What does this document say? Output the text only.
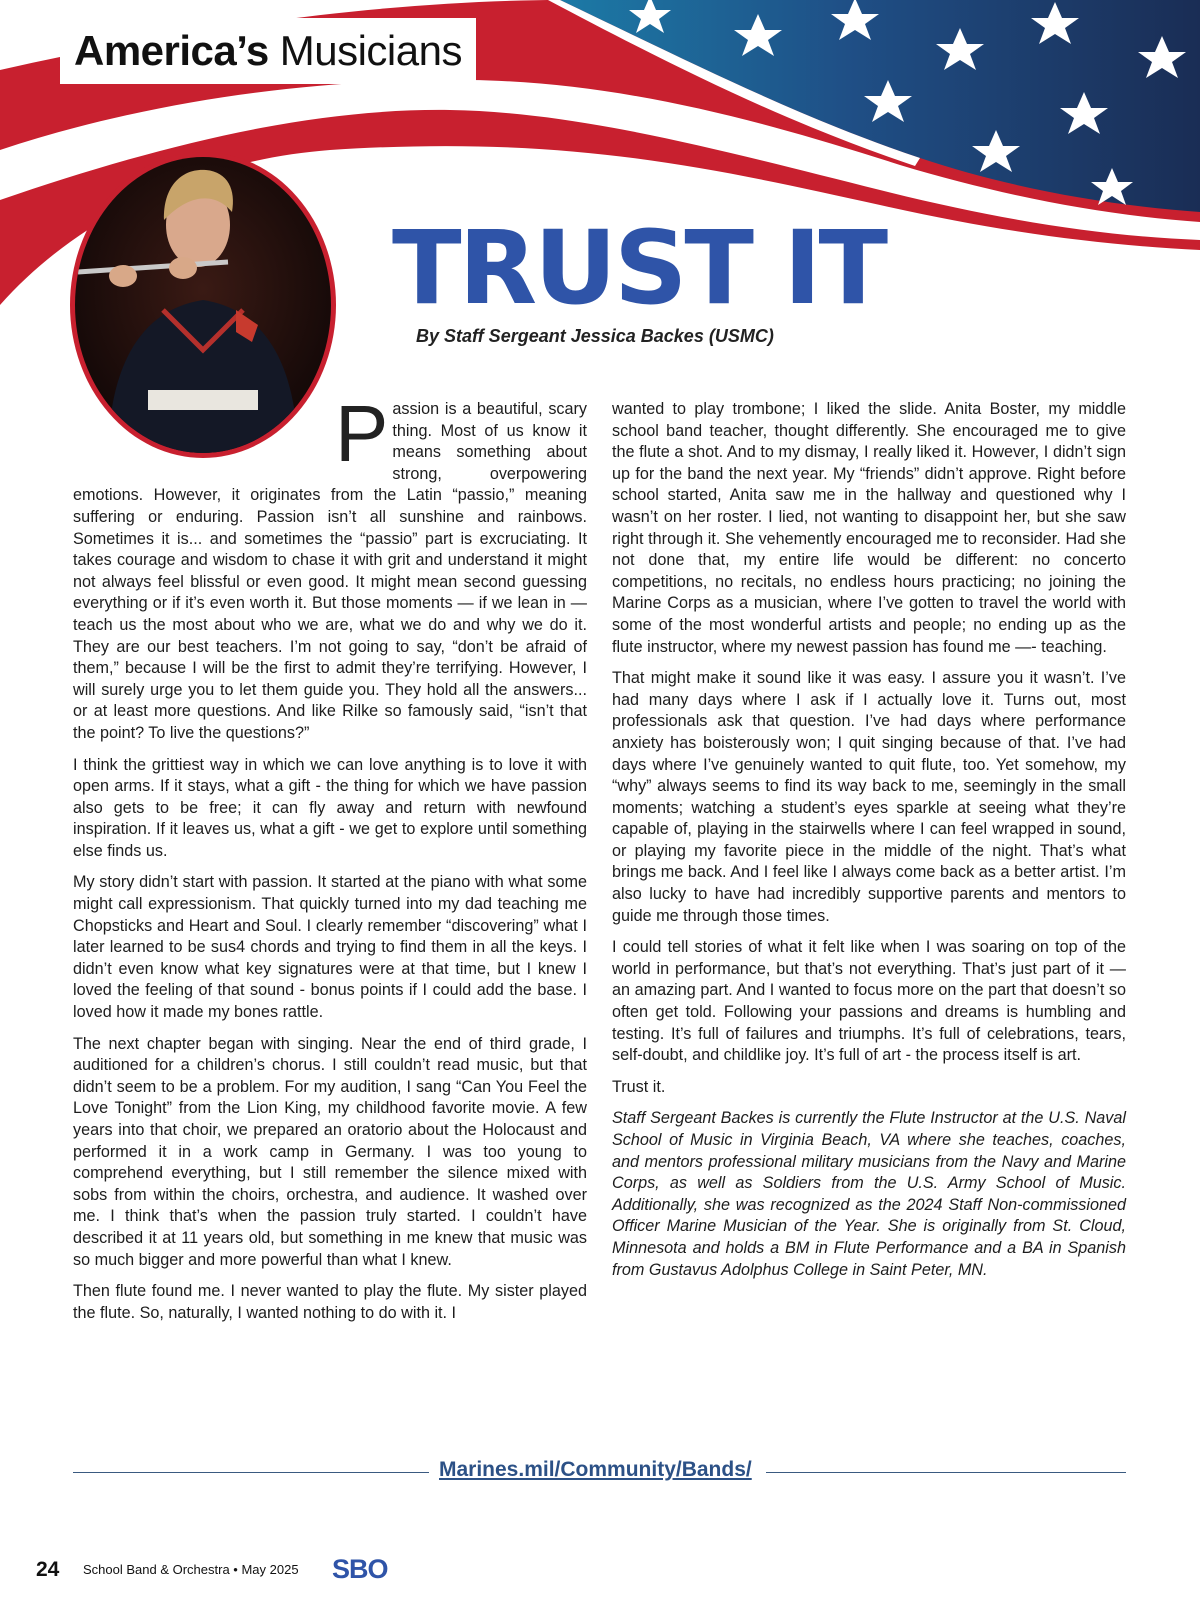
America’s Musicians
TRUST IT
By Staff Sergeant Jessica Backes (USMC)

Passion is a beautiful, scary thing. Most of us know it means something about strong, overpowering emotions. However, it originates from the Latin “passio,” meaning suffering or enduring. Passion isn’t all sunshine and rainbows. Sometimes it is... and sometimes the “passio” part is excruciating. It takes courage and wisdom to chase it with grit and understand it might not always feel blissful or even good. It might mean second guessing everything or if it’s even worth it. But those moments — if we lean in — teach us the most about who we are, what we do and why we do it. They are our best teachers. I’m not going to say, “don’t be afraid of them,” because I will be the first to admit they’re terrifying. However, I will surely urge you to let them guide you. They hold all the answers... or at least more questions. And like Rilke so famously said, “isn’t that the point? To live the questions?”

I think the grittiest way in which we can love anything is to love it with open arms. If it stays, what a gift - the thing for which we have passion also gets to be free; it can fly away and return with newfound inspiration. If it leaves us, what a gift - we get to explore until something else finds us.

My story didn’t start with passion. It started at the piano with what some might call expressionism. That quickly turned into my dad teaching me Chopsticks and Heart and Soul. I clearly remember “discovering” what I later learned to be sus4 chords and trying to find them in all the keys. I didn’t even know what key signatures were at that time, but I knew I loved the feeling of that sound - bonus points if I could add the base. I loved how it made my bones rattle.

The next chapter began with singing. Near the end of third grade, I auditioned for a children’s chorus. I still couldn’t read music, but that didn’t seem to be a problem. For my audition, I sang “Can You Feel the Love Tonight” from the Lion King, my childhood favorite movie. A few years into that choir, we prepared an oratorio about the Holocaust and performed it in a work camp in Germany. I was too young to comprehend everything, but I still remember the silence mixed with sobs from within the choirs, orchestra, and audience. It washed over me. I think that’s when the passion truly started. I couldn’t have described it at 11 years old, but something in me knew that music was so much bigger and more powerful than what I knew.

Then flute found me. I never wanted to play the flute. My sister played the flute. So, naturally, I wanted nothing to do with it. I

wanted to play trombone; I liked the slide. Anita Boster, my middle school band teacher, thought differently. She encouraged me to give the flute a shot. And to my dismay, I really liked it. However, I didn’t sign up for the band the next year. My “friends” didn’t approve. Right before school started, Anita saw me in the hallway and questioned why I wasn’t on her roster. I lied, not wanting to disappoint her, but she saw right through it. She vehemently encouraged me to reconsider. Had she not done that, my entire life would be different: no concerto competitions, no recitals, no endless hours practicing; no joining the Marine Corps as a musician, where I’ve gotten to travel the world with some of the most wonderful artists and people; no ending up as the flute instructor, where my newest passion has found me —- teaching.

That might make it sound like it was easy. I assure you it wasn’t. I’ve had many days where I ask if I actually love it. Turns out, most professionals ask that question. I’ve had days where performance anxiety has boisterously won; I quit singing because of that. I’ve had days where I’ve genuinely wanted to quit flute, too. Yet somehow, my “why” always seems to find its way back to me, seemingly in the small moments; watching a student’s eyes sparkle at seeing what they’re capable of, playing in the stairwells where I can feel wrapped in sound, or playing my favorite piece in the middle of the night. That’s what brings me back. And I feel like I always come back as a better artist. I’m also lucky to have had incredibly supportive parents and mentors to guide me through those times.

I could tell stories of what it felt like when I was soaring on top of the world in performance, but that’s not everything. That’s just part of it — an amazing part. And I wanted to focus more on the part that doesn’t so often get told. Following your passions and dreams is humbling and testing. It’s full of failures and triumphs. It’s full of celebrations, tears, self-doubt, and childlike joy. It’s full of art - the process itself is art.

Trust it.

Staff Sergeant Backes is currently the Flute Instructor at the U.S. Naval School of Music in Virginia Beach, VA where she teaches, coaches, and mentors professional military musicians from the Navy and Marine Corps, as well as Soldiers from the U.S. Army School of Music. Additionally, she was recognized as the 2024 Staff Non-commissioned Officer Marine Musician of the Year. She is originally from St. Cloud, Minnesota and holds a BM in Flute Performance and a BA in Spanish from Gustavus Adolphus College in Saint Peter, MN.

Marines.mil/Community/Bands/
24 School Band & Orchestra • May 2025 SBO
